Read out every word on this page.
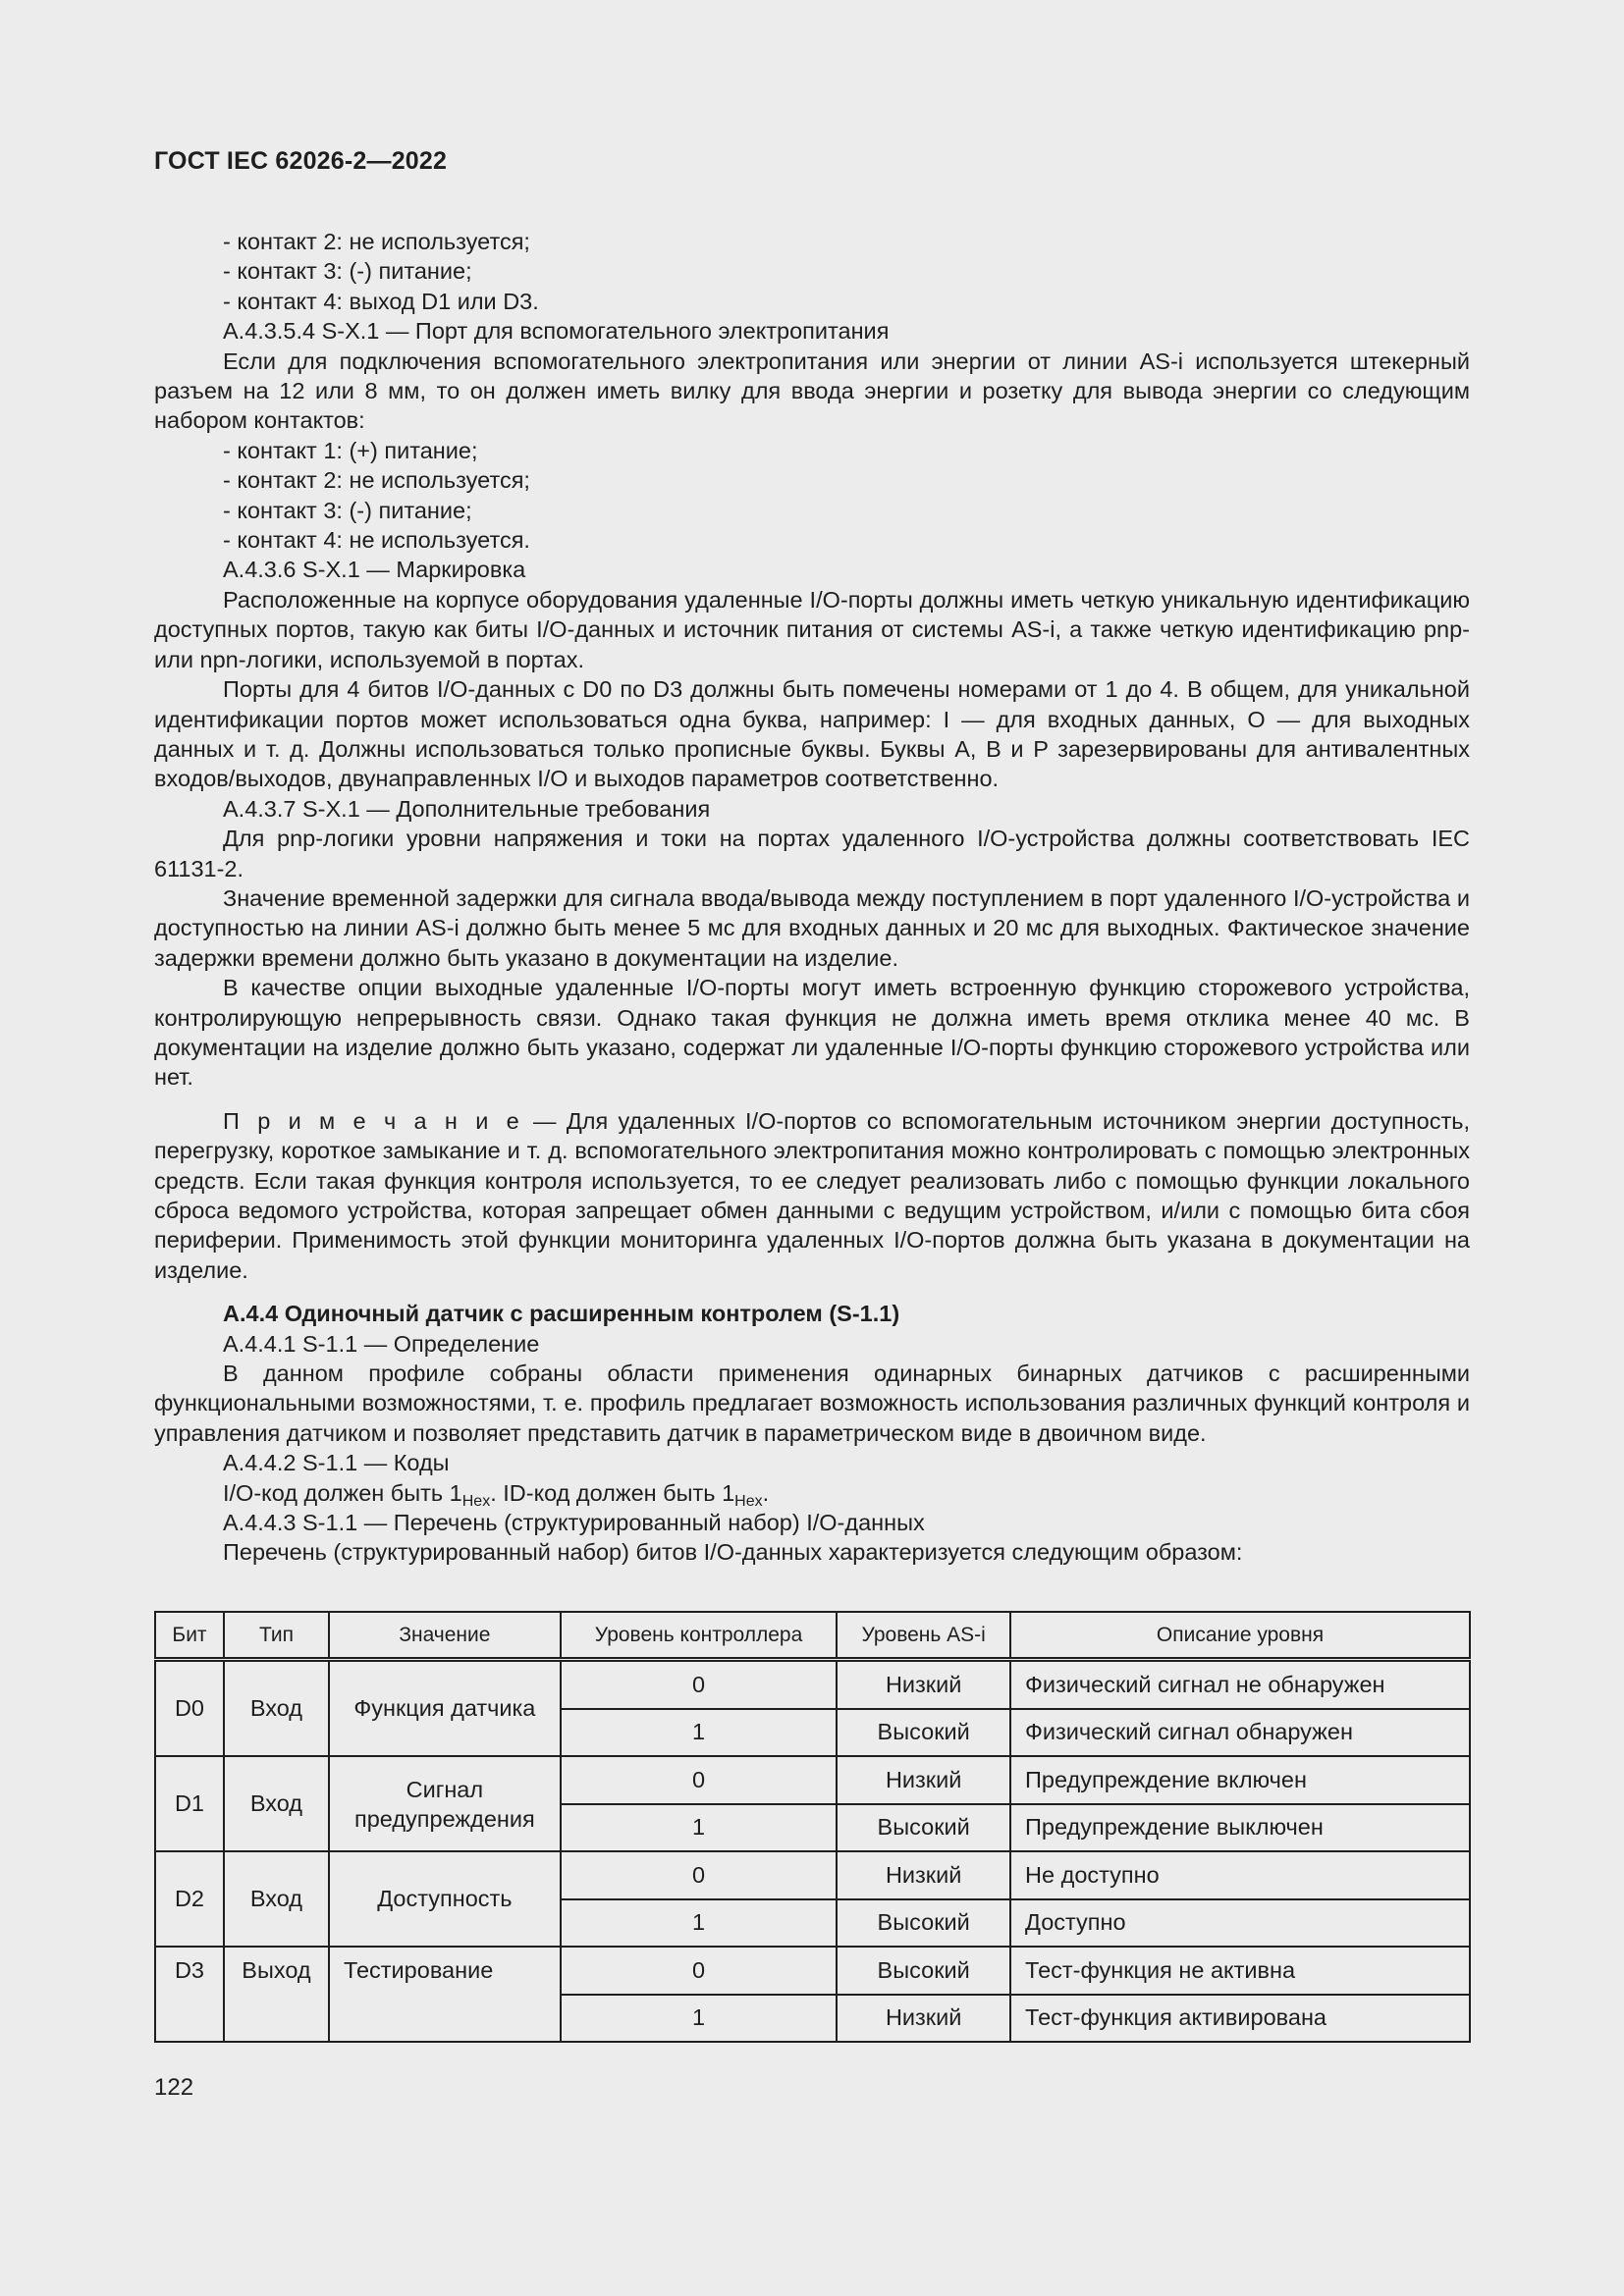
ГОСТ IEC 62026-2—2022

- контакт 2: не используется;

- контакт 3: (-) питание;

- контакт 4: выход D1 или D3.

А.4.3.5.4 S-X.1 — Порт для вспомогательного электропитания

Если для подключения вспомогательного электропитания или энергии от линии AS-i используется штекерный разъем на 12 или 8 мм, то он должен иметь вилку для ввода энергии и розетку для вывода энергии со следующим набором контактов:

- контакт 1: (+) питание;

- контакт 2: не используется;

- контакт 3: (-) питание;

- контакт 4: не используется.

А.4.3.6 S-X.1 — Маркировка

Расположенные на корпусе оборудования удаленные I/O-порты должны иметь четкую уникальную идентификацию доступных портов, такую как биты I/O-данных и источник питания от системы AS-i, а также четкую идентификацию pnp- или npn-логики, используемой в портах.

Порты для 4 битов I/O-данных с D0 по D3 должны быть помечены номерами от 1 до 4. В общем, для уникальной идентификации портов может использоваться одна буква, например: I — для входных данных, O — для выходных данных и т. д. Должны использоваться только прописные буквы. Буквы A, B и P зарезервированы для антивалентных входов/выходов, двунаправленных I/O и выходов параметров соответственно.

А.4.3.7 S-X.1 — Дополнительные требования

Для pnp-логики уровни напряжения и токи на портах удаленного I/O-устройства должны соответствовать IEC 61131-2.

Значение временной задержки для сигнала ввода/вывода между поступлением в порт удаленного I/O-устройства и доступностью на линии AS-i должно быть менее 5 мс для входных данных и 20 мс для выходных. Фактическое значение задержки времени должно быть указано в документации на изделие.

В качестве опции выходные удаленные I/O-порты могут иметь встроенную функцию сторожевого устройства, контролирующую непрерывность связи. Однако такая функция не должна иметь время отклика менее 40 мс. В документации на изделие должно быть указано, содержат ли удаленные I/O-порты функцию сторожевого устройства или нет.

П р и м е ч а н и е — Для удаленных I/O-портов со вспомогательным источником энергии доступность, перегрузку, короткое замыкание и т. д. вспомогательного электропитания можно контролировать с помощью электронных средств. Если такая функция контроля используется, то ее следует реализовать либо с помощью функции локального сброса ведомого устройства, которая запрещает обмен данными с ведущим устройством, и/или с помощью бита сбоя периферии. Применимость этой функции мониторинга удаленных I/O-портов должна быть указана в документации на изделие.

А.4.4 Одиночный датчик с расширенным контролем (S-1.1)

А.4.4.1 S-1.1 — Определение

В данном профиле собраны области применения одинарных бинарных датчиков с расширенными функциональными возможностями, т. е. профиль предлагает возможность использования различных функций контроля и управления датчиком и позволяет представить датчик в параметрическом виде в двоичном виде.

А.4.4.2 S-1.1 — Коды

I/O-код должен быть $1_{Hex}$. ID-код должен быть $1_{Hex}$.

А.4.4.3 S-1.1 — Перечень (структурированный набор) I/O-данных

Перечень (структурированный набор) битов I/O-данных характеризуется следующим образом:

Бит	Тип	Значение	Уровень контроллера	Уровень AS-i	Описание уровня
D0	Вход	Функция датчика	0	Низкий	Физический сигнал не обнаружен
			1	Высокий	Физический сигнал обнаружен
D1	Вход	Сигнал предупреждения	0	Низкий	Предупреждение включен
			1	Высокий	Предупреждение выключен
D2	Вход	Доступность	0	Низкий	Не доступно
			1	Высокий	Доступно
D3	Выход	Тестирование	0	Высокий	Тест-функция не активна
			1	Низкий	Тест-функция активирована
122
